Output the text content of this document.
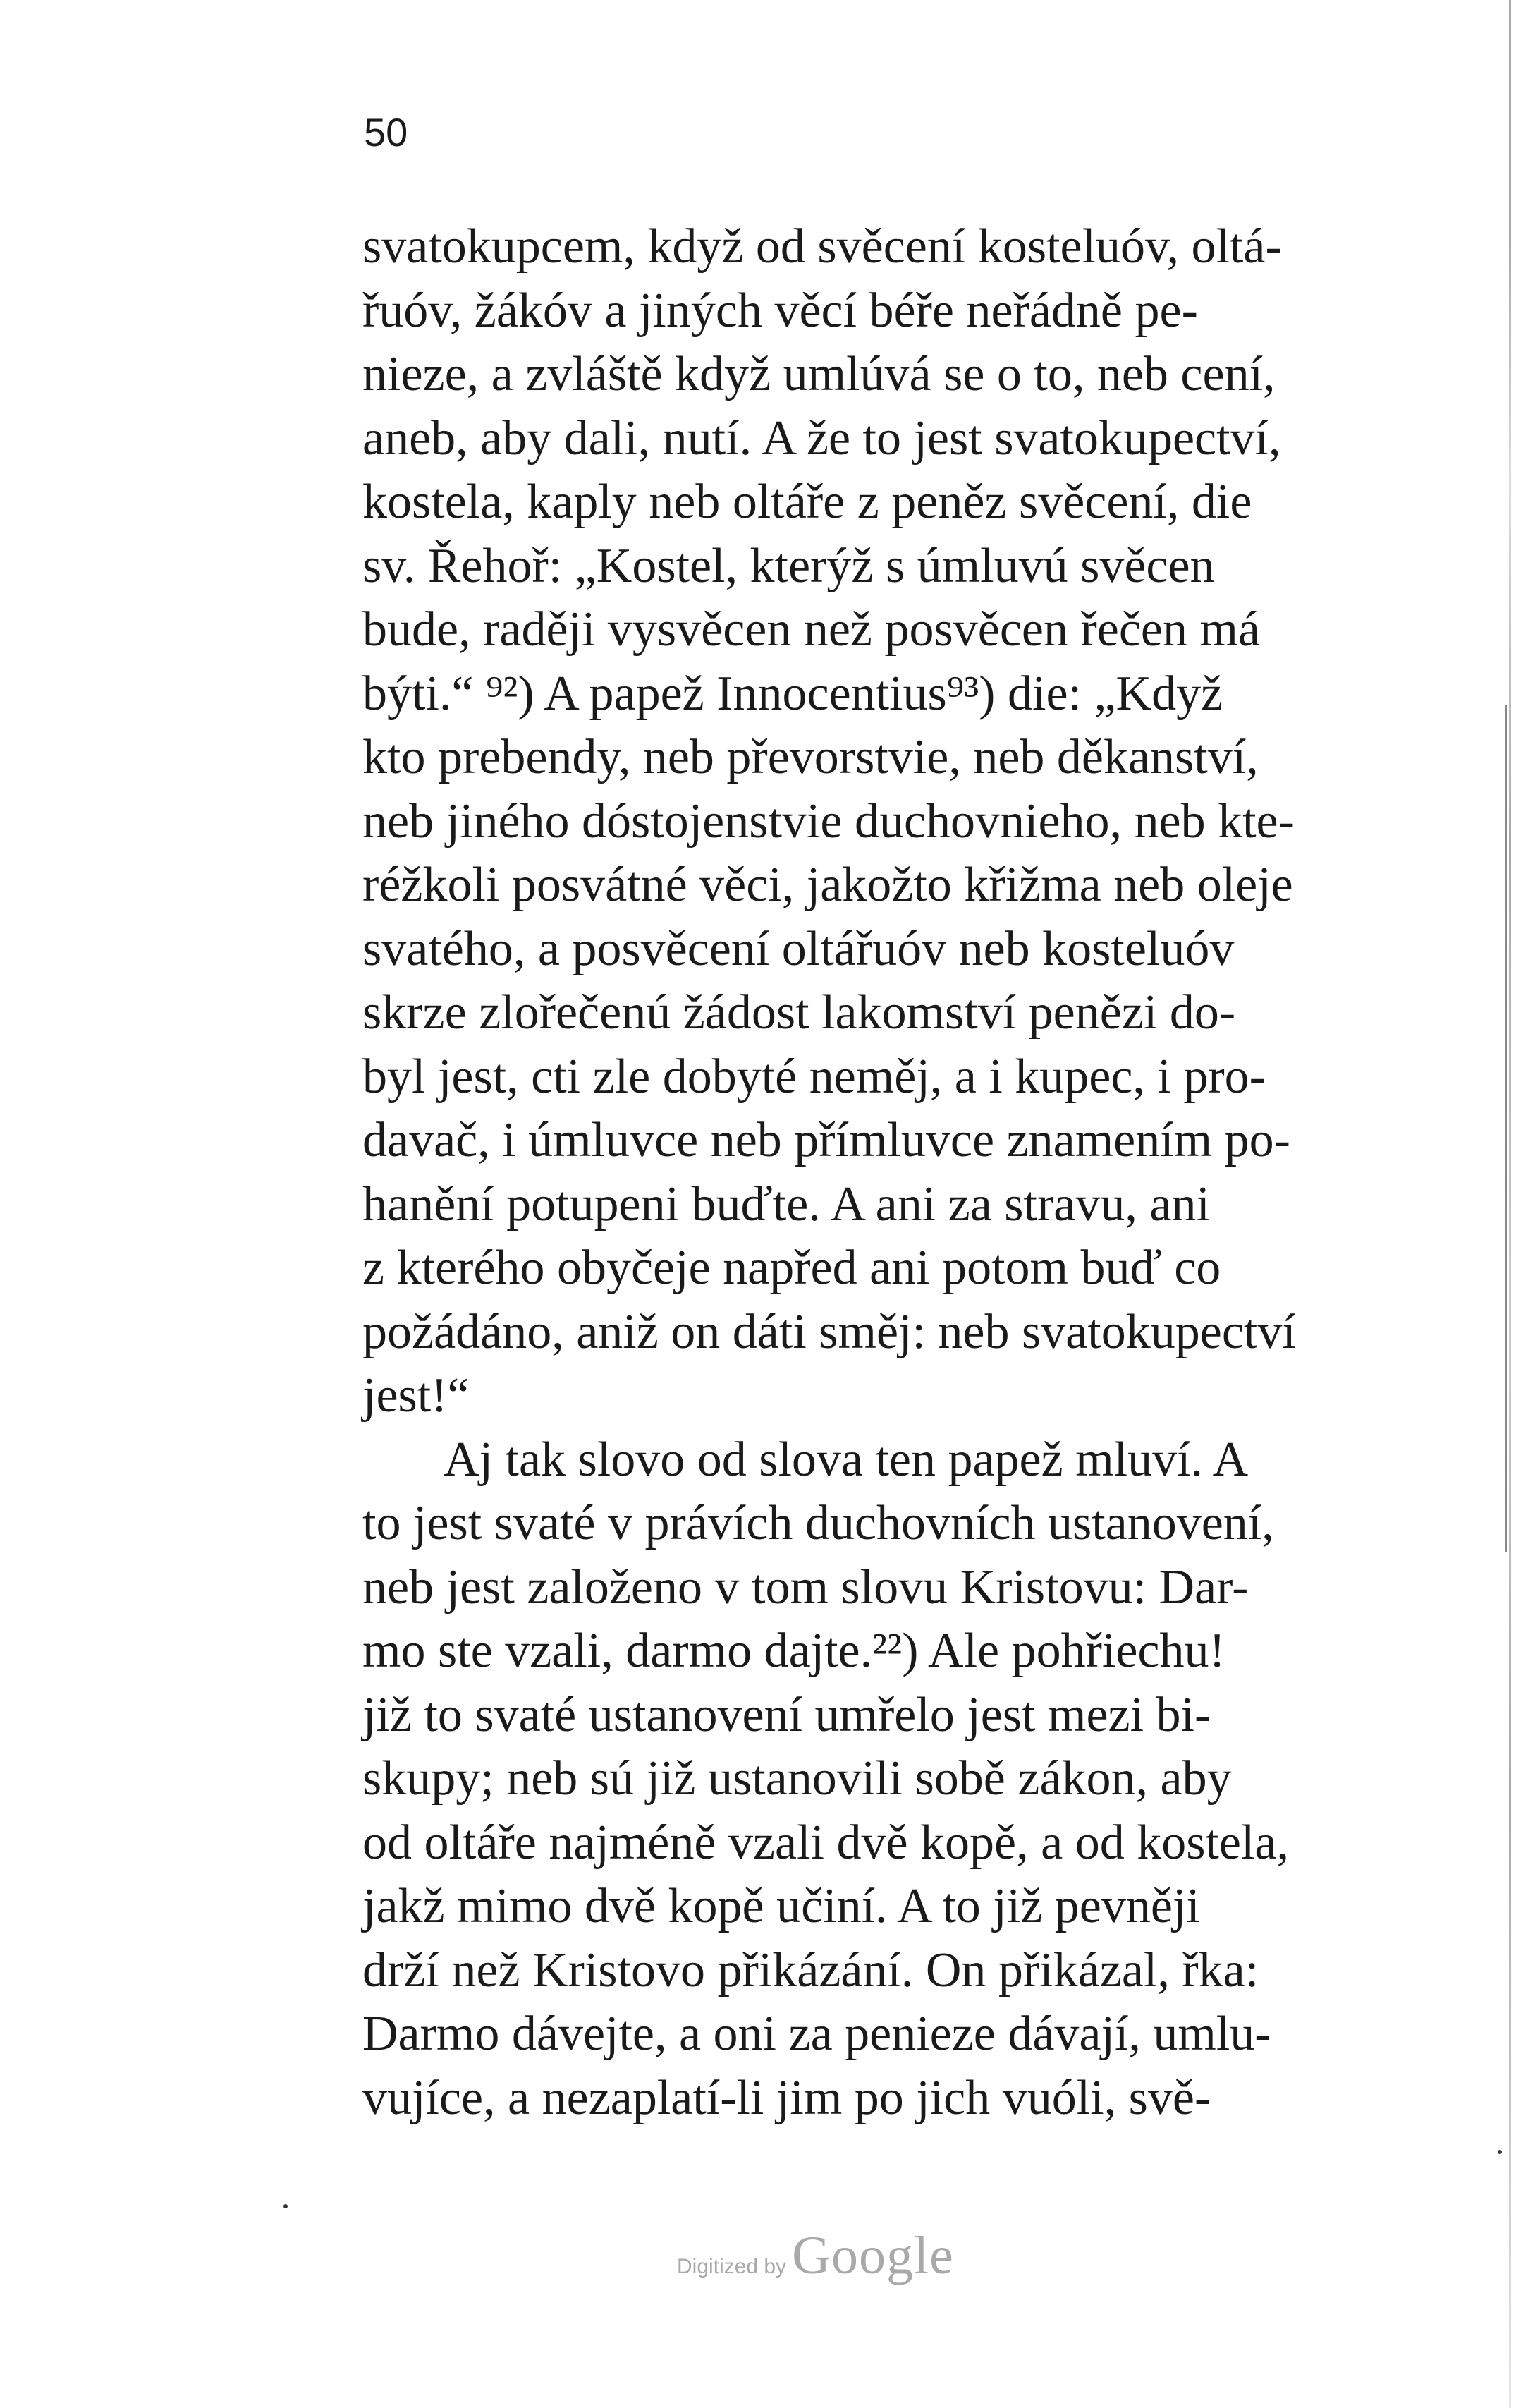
50
svatokupcem, když od svěcení kosteluóv, oltá-
řuóv, žákóv a jiných věcí béře neřádně pe-
nieze, a zvláště když umlúvá se o to, neb cení,
aneb, aby dali, nutí. A že to jest svatokupectví,
kostela, kaply neb oltáře z peněz svěcení, die
sv. Řehoř: „Kostel, kterýž s úmluvú svěcen
bude, raději vysvěcen než posvěcen řečen má
býti.“ ⁹²) A papež Innocentius⁹³) die: „Když
kto prebendy, neb převorstvie, neb děkanství,
neb jiného dóstojenstvie duchovnieho, neb kte-
réžkoli posvátné věci, jakožto křižma neb oleje
svatého, a posvěcení oltářuóv neb kosteluóv
skrze zlořečenú žádost lakomství penězi do-
byl jest, cti zle dobyté neměj, a i kupec, i pro-
davač, i úmluvce neb přímluvce znamením po-
hanění potupeni buďte. A ani za stravu, ani
z kterého obyčeje napřed ani potom buď co
požádáno, aniž on dáti směj: neb svatokupectví
jest!“
Aj tak slovo od slova ten papež mluví. A
to jest svaté v právích duchovních ustanovení,
neb jest založeno v tom slovu Kristovu: Dar-
mo ste vzali, darmo dajte.²²) Ale pohřiechu!
již to svaté ustanovení umřelo jest mezi bi-
skupy; neb sú již ustanovili sobě zákon, aby
od oltáře najméně vzali dvě kopě, a od kostela,
jakž mimo dvě kopě učiní. A to již pevněji
drží než Kristovo přikázání. On přikázal, řka:
Darmo dávejte, a oni za penieze dávají, umlu-
vujíce, a nezaplatí-li jim po jich vuóli, svě-
Digitized by Google
